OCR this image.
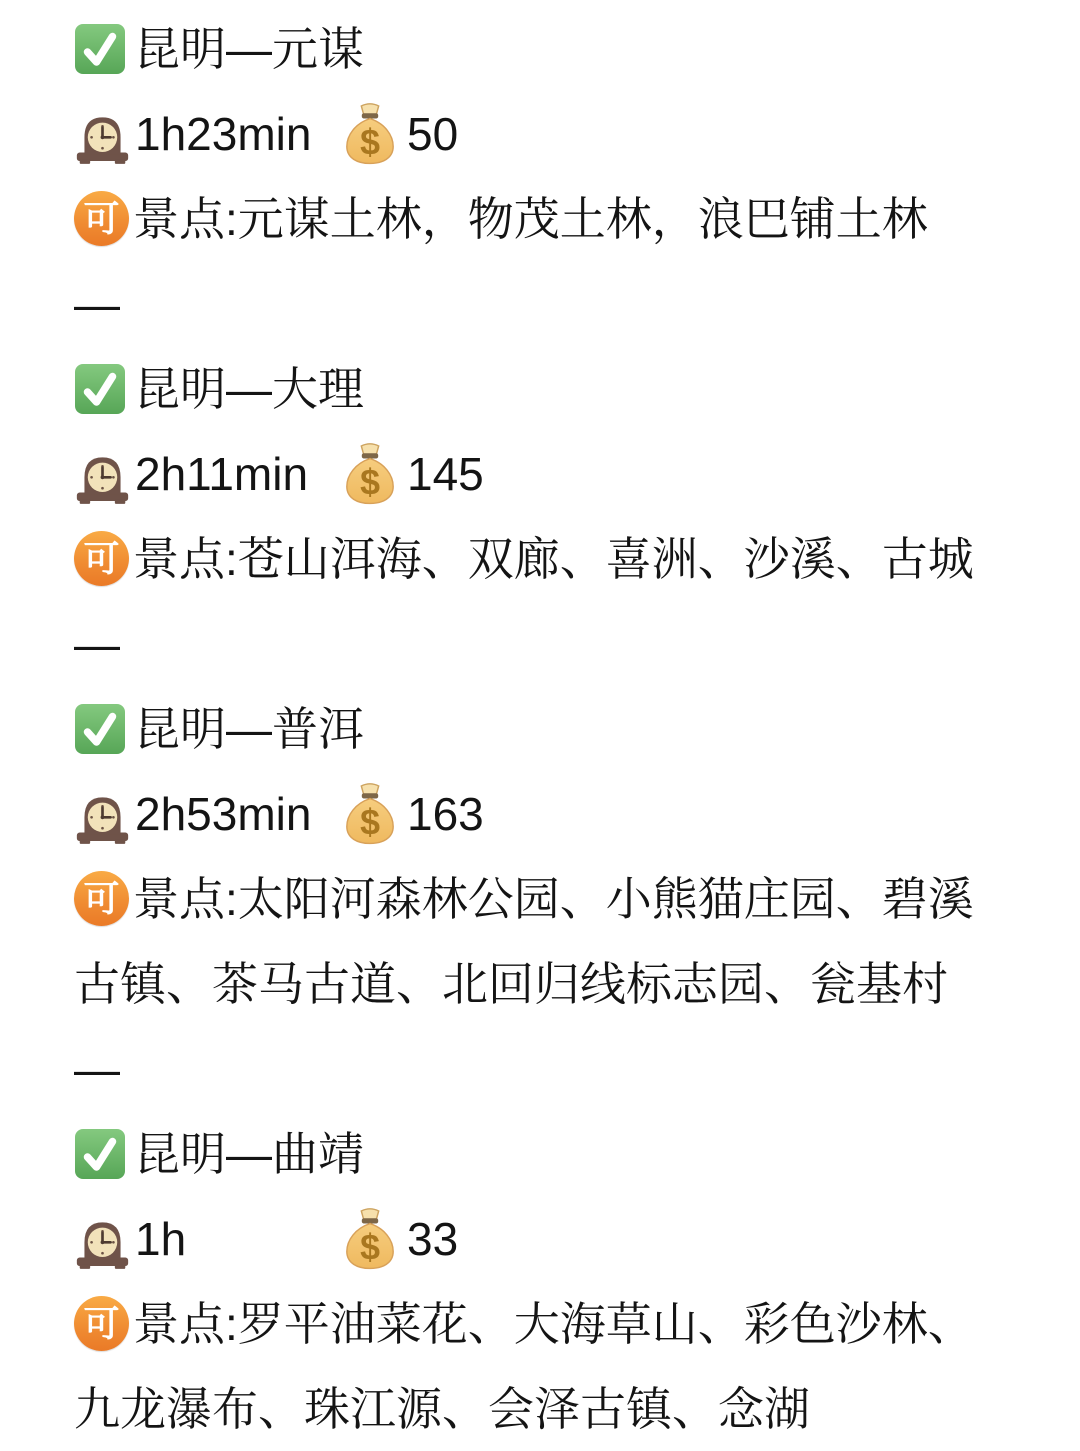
昆明—元谋
1h23min	50
可 景点:元谋土林，物茂土林，浪巴铺土林
—
昆明—大理
2h11min	145
可 景点:苍山洱海、双廊、喜洲、沙溪、古城
—
昆明—普洱
2h53min	163
可 景点:太阳河森林公园、小熊猫庄园、碧溪
古镇、茶马古道、北回归线标志园、瓮基村
—
昆明—曲靖
1h	33
可 景点:罗平油菜花、大海草山、彩色沙林、
九龙瀑布、珠江源、会泽古镇、念湖
